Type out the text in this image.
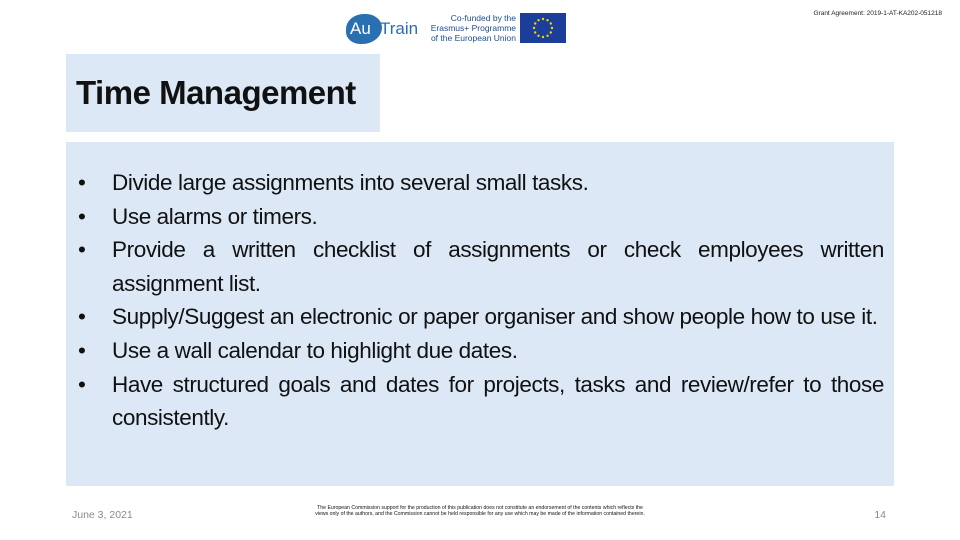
Au Train
Co-funded by the
Erasmus+ Programme
of the European Union
Grant Agreement: 2019-1-AT-KA202-051218
Time Management
• Divide large assignments into several small tasks.
• Use alarms or timers.
• Provide a written checklist of assignments or check employees written assignment list.
• Supply/Suggest an electronic or paper organiser and show people how to use it.
• Use a wall calendar to highlight due dates.
• Have structured goals and dates for projects, tasks and review/refer to those consistently.
June 3, 2021
The European Commission support for the production of this publication does not constitute an endorsement of the contents which reflects the views only of the authors, and the Commission cannot be held responsible for any use which may be made of the information contained therein.	14
